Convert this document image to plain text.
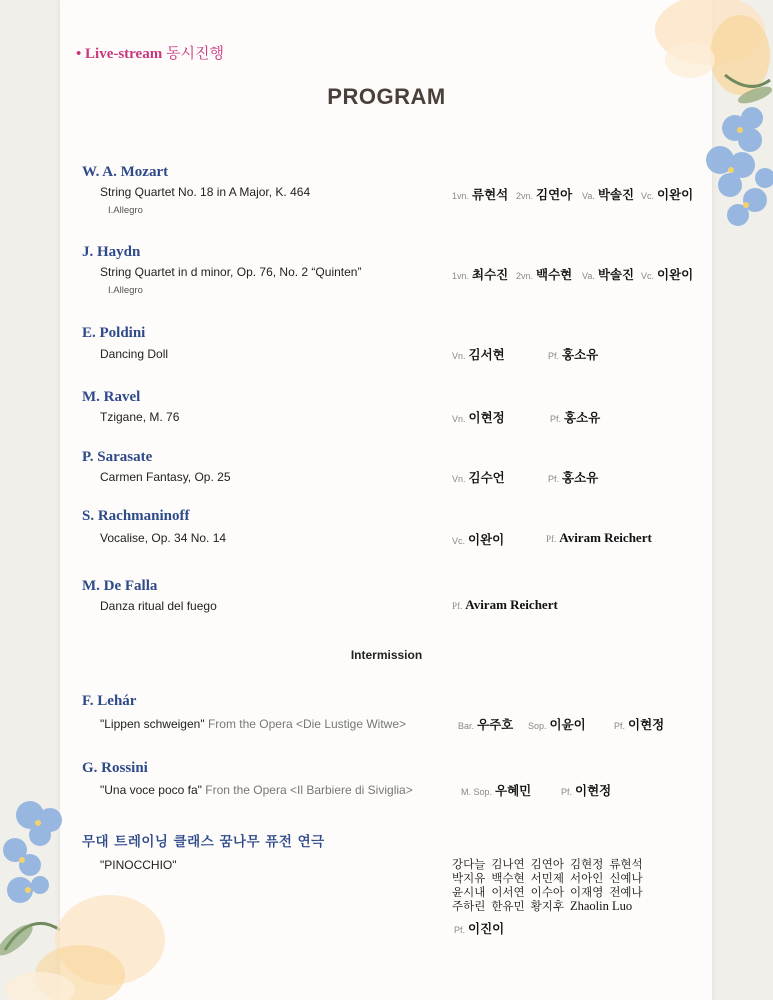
• Live-stream 동시진행
PROGRAM
W. A. Mozart
String Quartet No. 18 in A Major, K. 464
I.Allegro
1vn. 류현석 2vn. 김연아 Va. 박솔진 Vc. 이완이
J. Haydn
String Quartet in d minor, Op. 76, No. 2 “Quinten”
I.Allegro
1vn. 최수진 2vn. 백수현 Va. 박솔진 Vc. 이완이
E. Poldini
Dancing Doll	Vn. 김서현	Pf. 홍소유
M. Ravel
Tzigane, M. 76	Vn. 이현정	Pf. 홍소유
P. Sarasate
Carmen Fantasy, Op. 25	Vn. 김수언	Pf. 홍소유
S. Rachmaninoff
Vocalise, Op. 34 No. 14	Vc. 이완이	Pf. Aviram Reichert
M. De Falla
Danza ritual del fuego	Pf. Aviram Reichert
Intermission
F. Lehár
"Lippen schweigen" From the Opera <Die Lustige Witwe>	Bar. 우주호 Sop. 이윤이	Pf. 이현정
G. Rossini
"Una voce poco fa" Fron the Opera <Il Barbiere di Siviglia>	M. Sop. 우혜민	Pf. 이현정
무대 트레이닝 클래스 꿈나무 퓨전 연극
"PINOCCHIO"	강다늘 김나연 김연아 김현정 류현석
박지유 백수현 서민제 서아인 신예나
윤시내 이서연 이수아 이재영 전예나
주하린 한유민 황지후 Zhaolin Luo
Pf. 이진이
